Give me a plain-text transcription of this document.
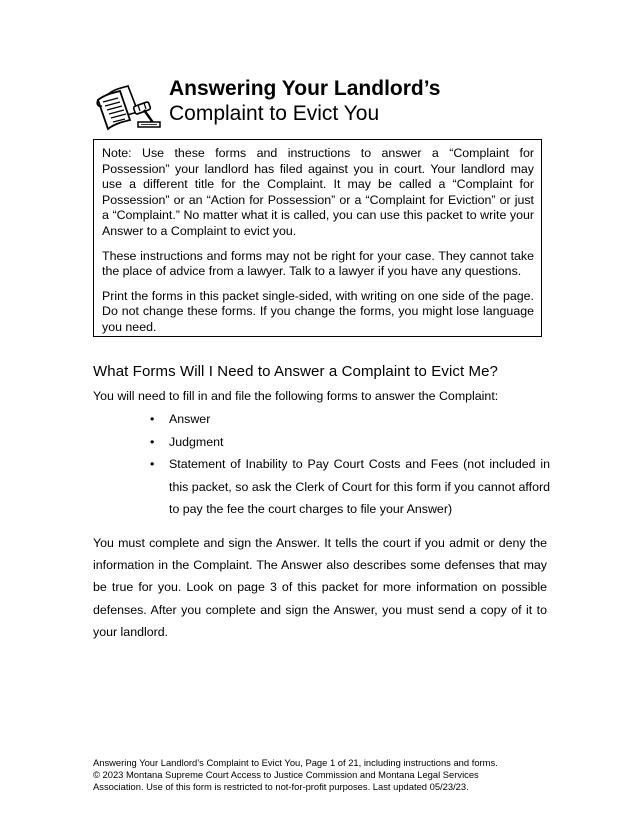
Answering Your Landlord’s
Complaint to Evict You

Note: Use these forms and instructions to answer a “Complaint for Possession” your landlord has filed against you in court. Your landlord may use a different title for the Complaint. It may be called a “Complaint for Possession” or an “Action for Possession” or a “Complaint for Eviction” or just a “Complaint.” No matter what it is called, you can use this packet to write your Answer to a Complaint to evict you.

These instructions and forms may not be right for your case. They cannot take the place of advice from a lawyer. Talk to a lawyer if you have any questions.

Print the forms in this packet single-sided, with writing on one side of the page. Do not change these forms. If you change the forms, you might lose language you need.

What Forms Will I Need to Answer a Complaint to Evict Me?
You will need to fill in and file the following forms to answer the Complaint:
• Answer
• Judgment
• Statement of Inability to Pay Court Costs and Fees (not included in this packet, so ask the Clerk of Court for this form if you cannot afford to pay the fee the court charges to file your Answer)

You must complete and sign the Answer. It tells the court if you admit or deny the information in the Complaint. The Answer also describes some defenses that may be true for you. Look on page 3 of this packet for more information on possible defenses. After you complete and sign the Answer, you must send a copy of it to your landlord.

Answering Your Landlord’s Complaint to Evict You, Page 1 of 21, including instructions and forms.
© 2023 Montana Supreme Court Access to Justice Commission and Montana Legal Services
Association. Use of this form is restricted to not-for-profit purposes. Last updated 05/23/23.
